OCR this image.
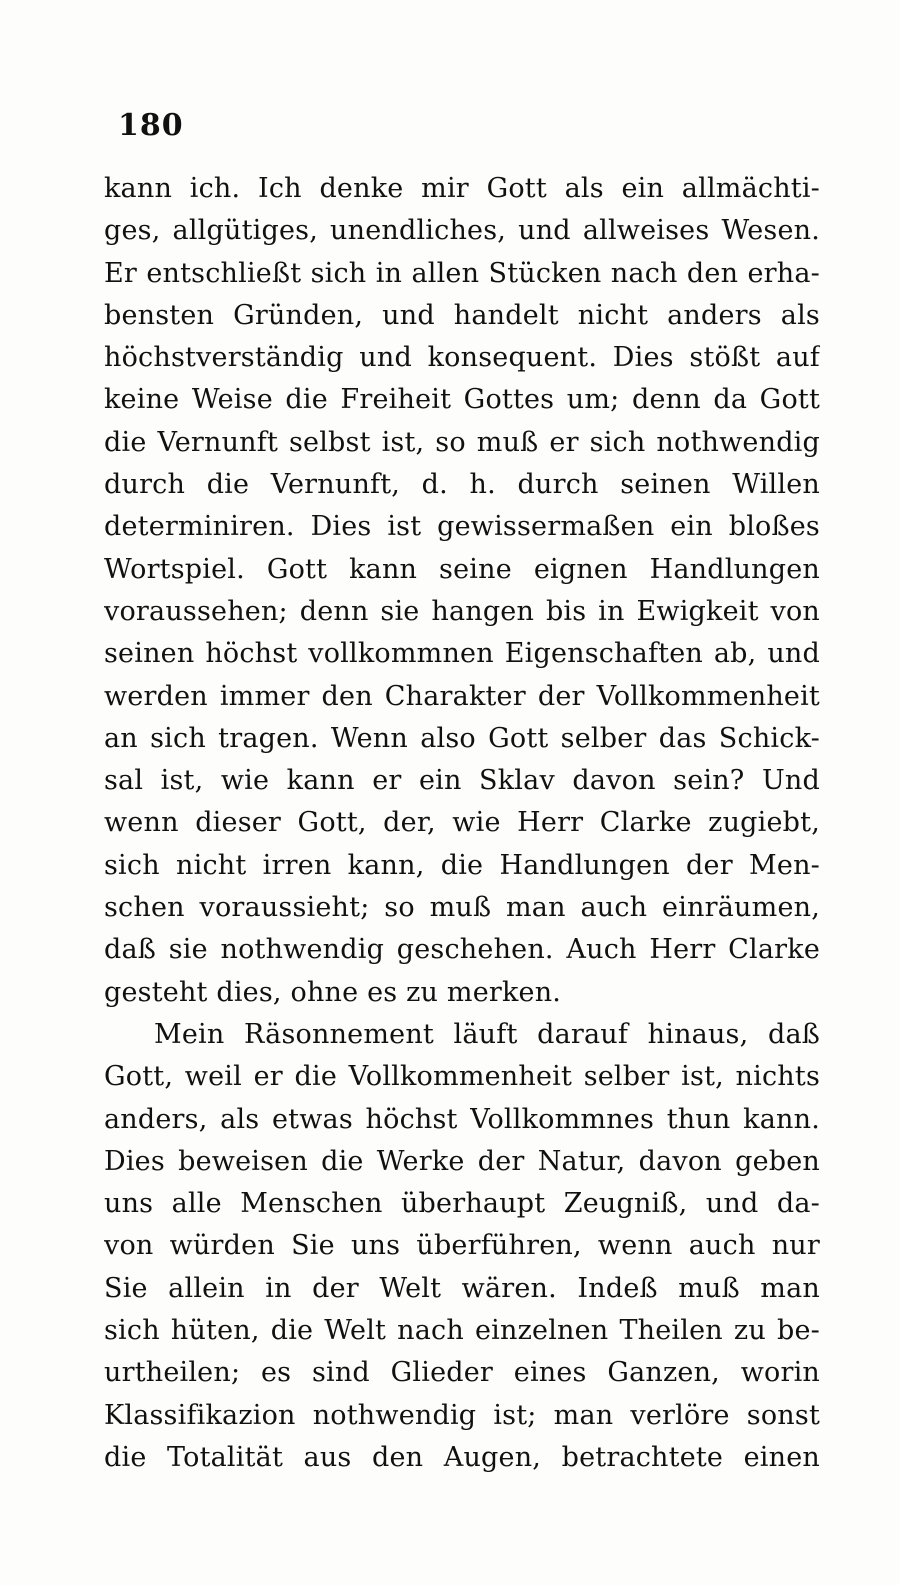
180
kann ich. Ich denke mir Gott als ein allmächti-
ges, allgütiges, unendliches, und allweises Wesen.
Er entschließt sich in allen Stücken nach den erha-
bensten Gründen, und handelt nicht anders als
höchstverständig und konsequent. Dies stößt auf
keine Weise die Freiheit Gottes um; denn da Gott
die Vernunft selbst ist, so muß er sich nothwendig
durch die Vernunft, d. h. durch seinen Willen
determiniren. Dies ist gewissermaßen ein bloßes
Wortspiel. Gott kann seine eignen Handlungen
voraussehen; denn sie hangen bis in Ewigkeit von
seinen höchst vollkommnen Eigenschaften ab, und
werden immer den Charakter der Vollkommenheit
an sich tragen. Wenn also Gott selber das Schick-
sal ist, wie kann er ein Sklav davon sein? Und
wenn dieser Gott, der, wie Herr Clarke zugiebt,
sich nicht irren kann, die Handlungen der Men-
schen voraussieht; so muß man auch einräumen,
daß sie nothwendig geschehen. Auch Herr Clarke
gesteht dies, ohne es zu merken.
Mein Räsonnement läuft darauf hinaus, daß
Gott, weil er die Vollkommenheit selber ist, nichts
anders, als etwas höchst Vollkommnes thun kann.
Dies beweisen die Werke der Natur, davon geben
uns alle Menschen überhaupt Zeugniß, und da-
von würden Sie uns überführen, wenn auch nur
Sie allein in der Welt wären. Indeß muß man
sich hüten, die Welt nach einzelnen Theilen zu be-
urtheilen; es sind Glieder eines Ganzen, worin
Klassifikazion nothwendig ist; man verlöre sonst
die Totalität aus den Augen, betrachtete einen
